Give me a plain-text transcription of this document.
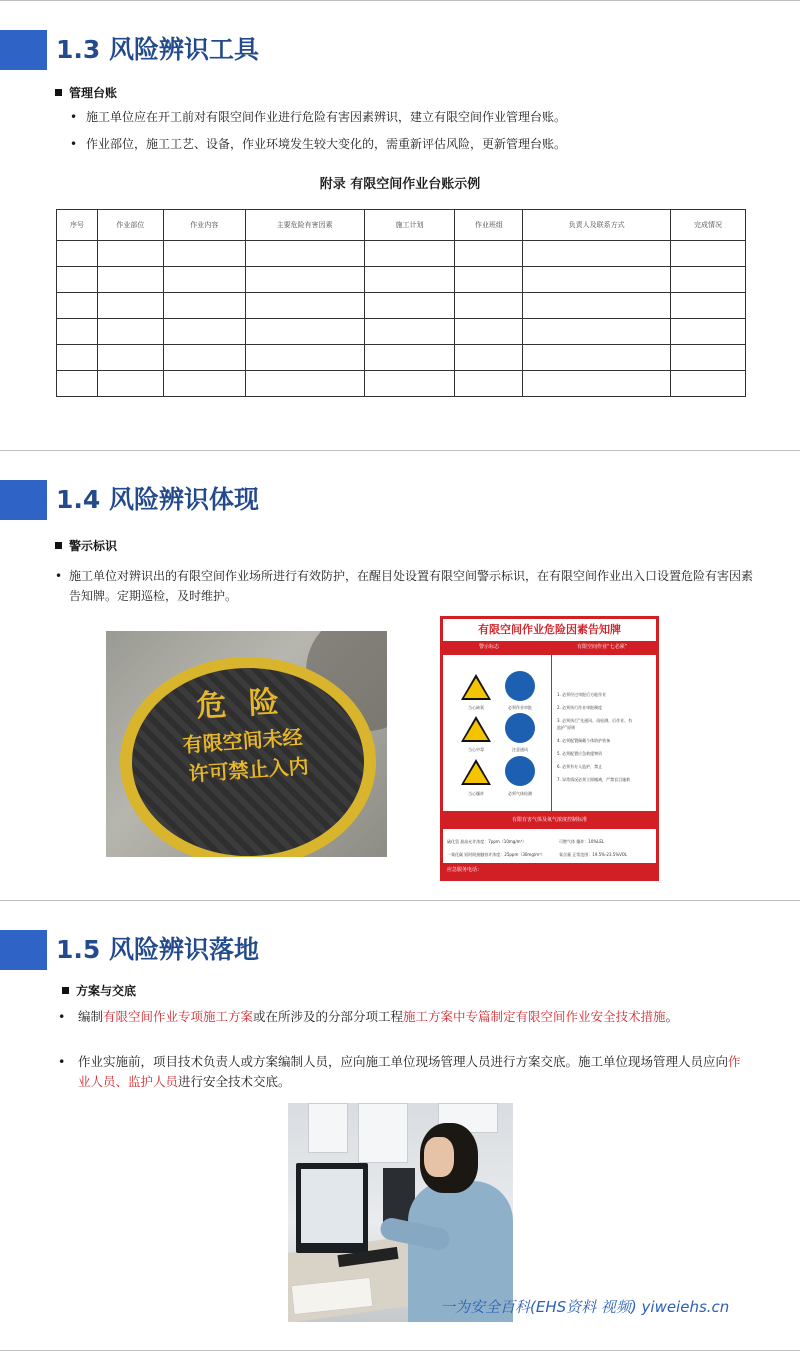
1.3 风险辨识工具
管理台账
• 施工单位应在开工前对有限空间作业进行危险有害因素辨识，建立有限空间作业管理台账。
• 作业部位，施工工艺、设备，作业环境发生较大变化的，需重新评估风险，更新管理台账。
附录 有限空间作业台账示例
序号	作业部位	作业内容	主要危险有害因素	施工计划	作业班组	负责人及联系方式	完成情况

1.4 风险辨识体现
警示标识
• 施工单位对辨识出的有限空间作业场所进行有效防护，在醒目处设置有限空间警示标识，在有限空间作业出入口设置危险有害因素告知牌。定期巡检，及时维护。
危 险
有限空间未经
许可禁止入内
有限空间作业危险因素告知牌
警示标志	有限空间作业“七必须”
当心缺氧	必须作业审批
当心中毒	注意通风
当心爆炸	必须气体检测
1. 必须经过审批后方能作业
2. 必须执行作业审批制度
3. 必须执行“先通风、再检测、后作业、有
监护”原则
4. 必须配置佩戴个体防护装备
5. 必须配置应急救援物资
6. 必须有专人监护，禁止
7. 异常情况必须立即撤离，严禁盲目施救
有限有害气体及氧气浓度控制标准
硫化氢 最高允许浓度：7ppm（10mg/m³）	可燃气体 爆炸：10%LEL
一氧化碳 短时间接触容许浓度：25ppm（30mg/m³）	氧含量 正常范围：19.5%-23.5%VOL
应急服务电话：
1.5 风险辨识落地
方案与交底
•	编制有限空间作业专项施工方案或在所涉及的分部分项工程施工方案中专篇制定有限空间作业安全技术措施。
•	作业实施前，项目技术负责人或方案编制人员，应向施工单位现场管理人员进行方案交底。施工单位现场管理人员应向作业人员、监护人员进行安全技术交底。
一为安全百科(EHS资料 视频) yiweiehs.cn
